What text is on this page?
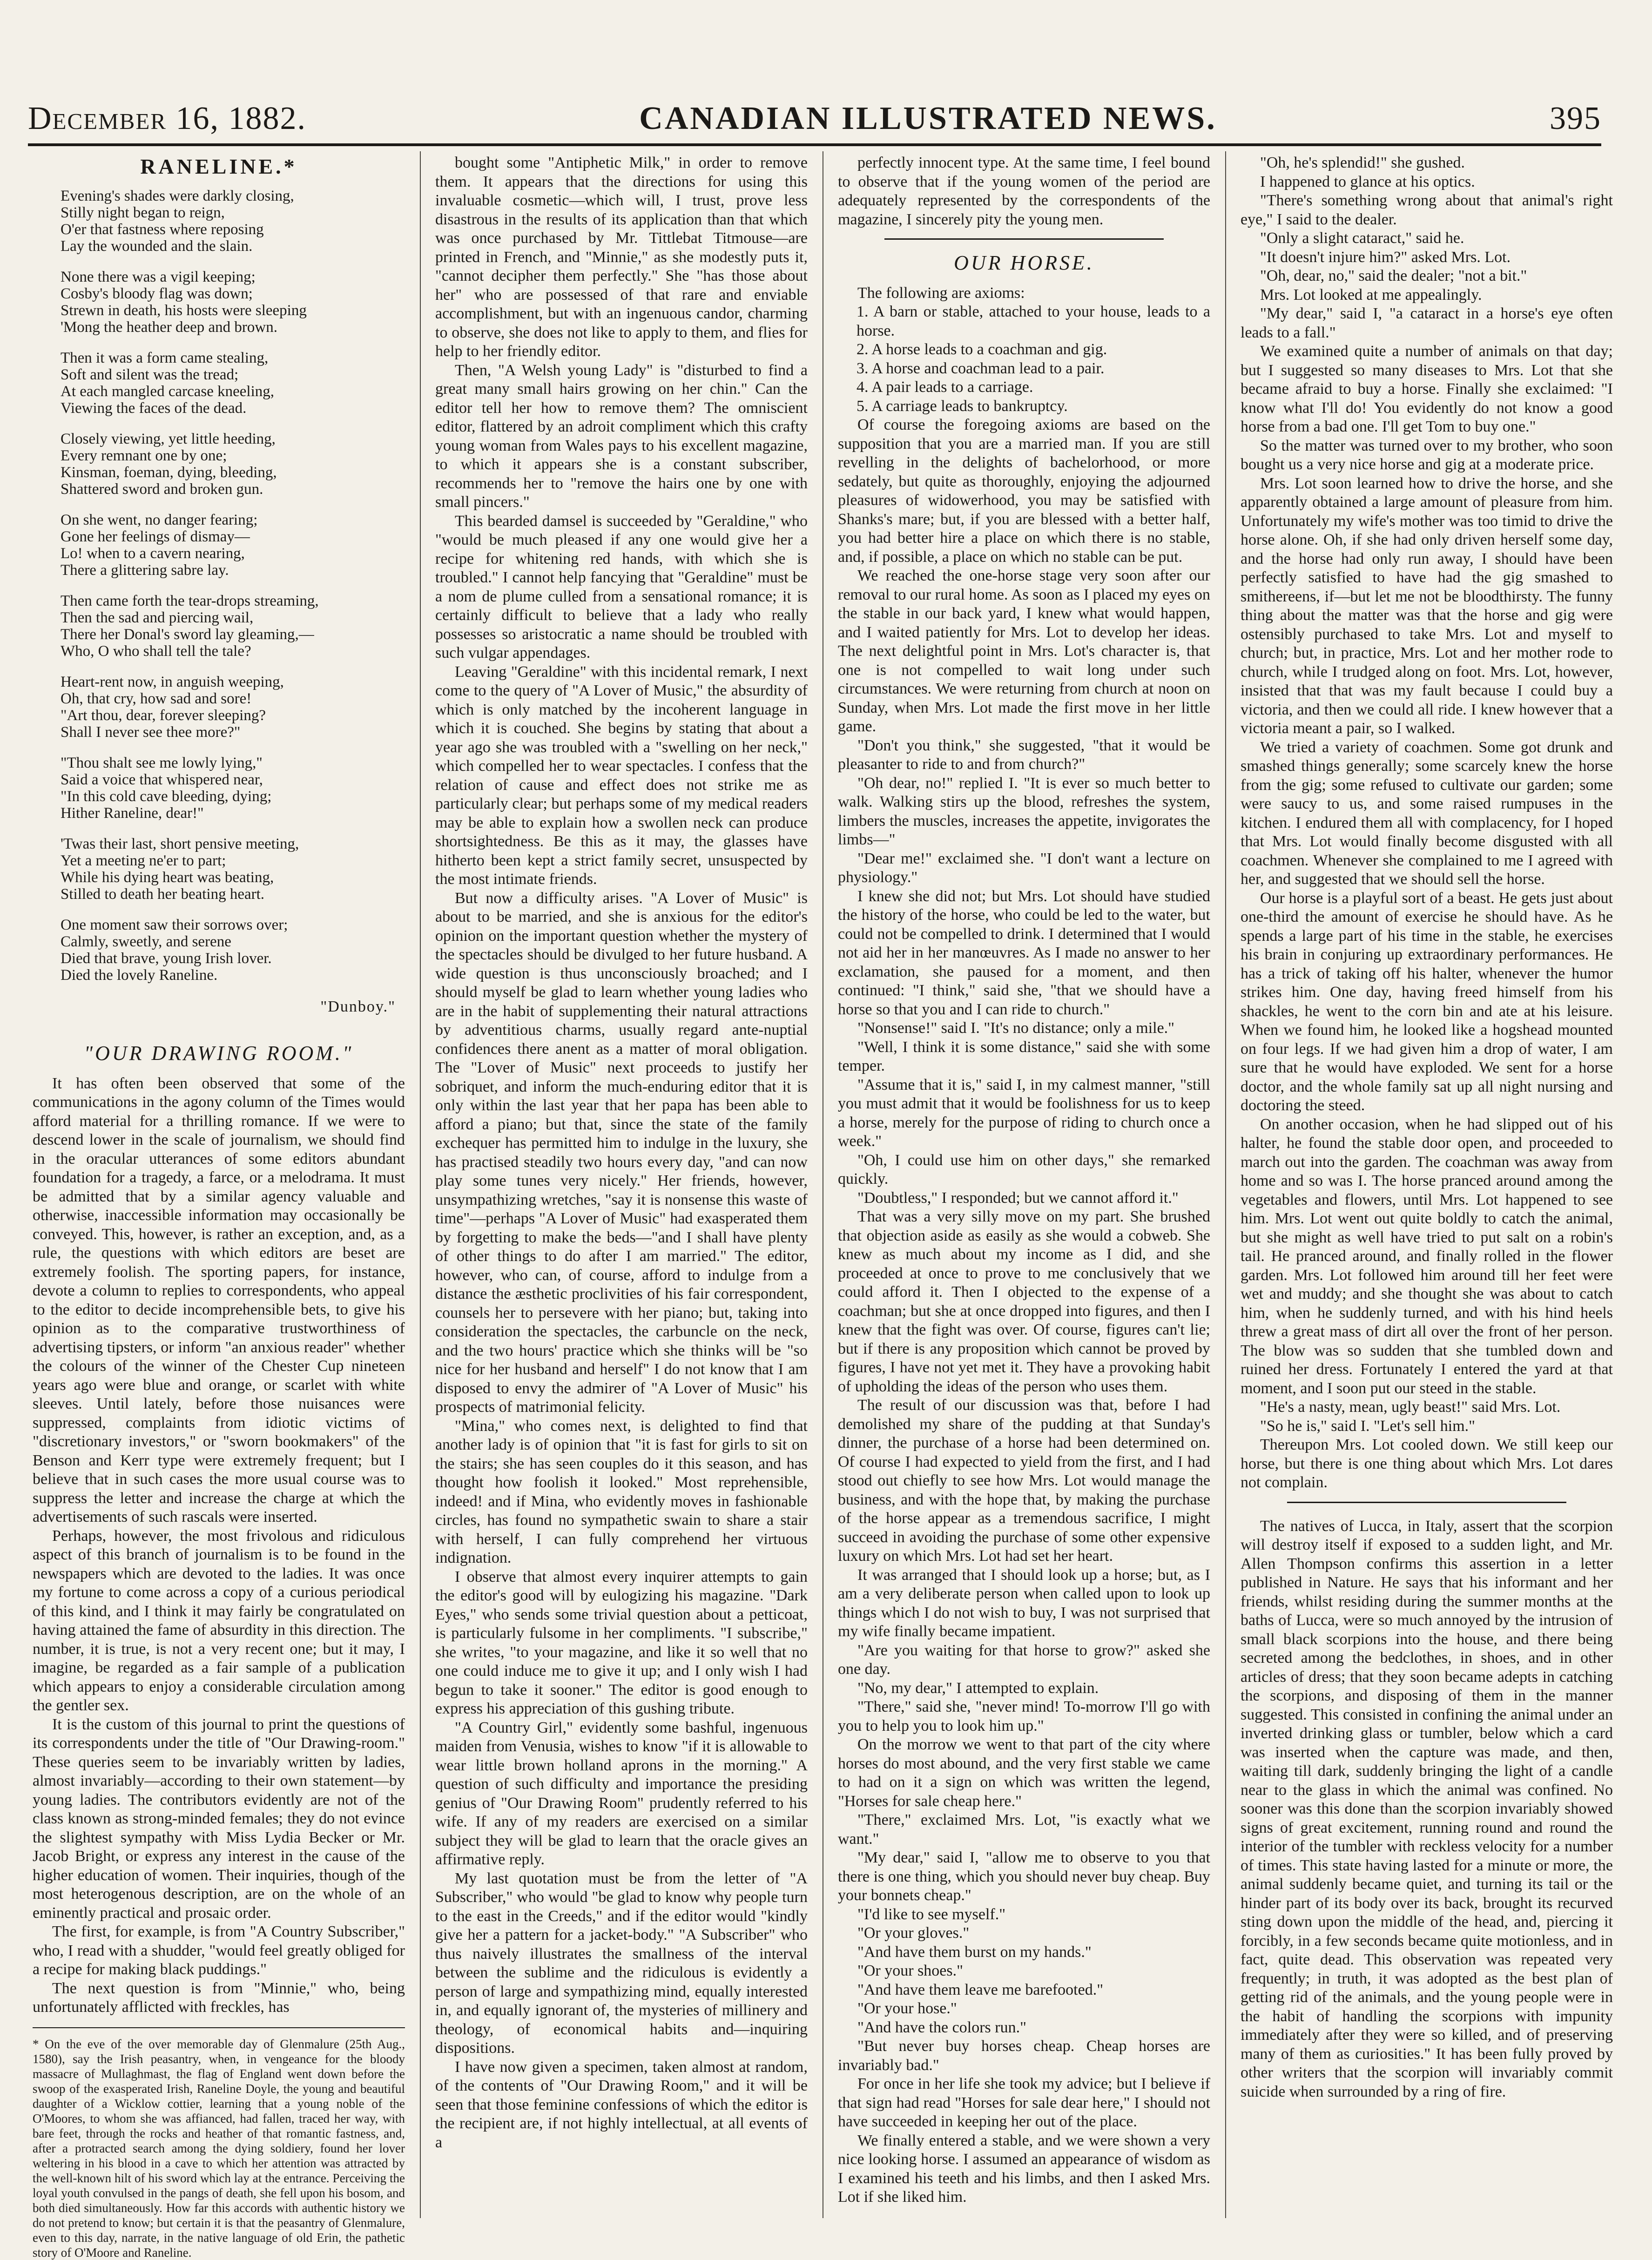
December 16, 1882.	CANADIAN ILLUSTRATED NEWS.	395
RANELINE.*
Evening's shades were darkly closing,
Stilly night began to reign,
O'er that fastness where reposing
Lay the wounded and the slain.
None there was a vigil keeping;
Cosby's bloody flag was down;
Strewn in death, his hosts were sleeping
'Mong the heather deep and brown.
Then it was a form came stealing,
Soft and silent was the tread;
At each mangled carcase kneeling,
Viewing the faces of the dead.
Closely viewing, yet little heeding,
Every remnant one by one;
Kinsman, foeman, dying, bleeding,
Shattered sword and broken gun.
On she went, no danger fearing;
Gone her feelings of dismay—
Lo! when to a cavern nearing,
There a glittering sabre lay.
Then came forth the tear-drops streaming,
Then the sad and piercing wail,
There her Donal's sword lay gleaming,—
Who, O who shall tell the tale?
Heart-rent now, in anguish weeping,
Oh, that cry, how sad and sore!
"Art thou, dear, forever sleeping?
Shall I never see thee more?"
"Thou shalt see me lowly lying,"
Said a voice that whispered near,
"In this cold cave bleeding, dying;
Hither Raneline, dear!"
'Twas their last, short pensive meeting,
Yet a meeting ne'er to part;
While his dying heart was beating,
Stilled to death her beating heart.
One moment saw their sorrows over;
Calmly, sweetly, and serene
Died that brave, young Irish lover.
Died the lovely Raneline.
"Dunboy."
"OUR DRAWING ROOM."

It has often been observed that some of the communications in the agony column of the Times would afford material for a thrilling romance. If we were to descend lower in the scale of journalism, we should find in the oracular utterances of some editors abundant foundation for a tragedy, a farce, or a melodrama. It must be admitted that by a similar agency valuable and otherwise, inaccessible information may occasionally be conveyed. This, however, is rather an exception, and, as a rule, the questions with which editors are beset are extremely foolish. The sporting papers, for instance, devote a column to replies to correspondents, who appeal to the editor to decide incomprehensible bets, to give his opinion as to the comparative trustworthiness of advertising tipsters, or inform "an anxious reader" whether the colours of the winner of the Chester Cup nineteen years ago were blue and orange, or scarlet with white sleeves. Until lately, before those nuisances were suppressed, complaints from idiotic victims of "discretionary investors," or "sworn bookmakers" of the Benson and Kerr type were extremely frequent; but I believe that in such cases the more usual course was to suppress the letter and increase the charge at which the advertisements of such rascals were inserted.

Perhaps, however, the most frivolous and ridiculous aspect of this branch of journalism is to be found in the newspapers which are devoted to the ladies. It was once my fortune to come across a copy of a curious periodical of this kind, and I think it may fairly be congratulated on having attained the fame of absurdity in this direction. The number, it is true, is not a very recent one; but it may, I imagine, be regarded as a fair sample of a publication which appears to enjoy a considerable circulation among the gentler sex.

It is the custom of this journal to print the questions of its correspondents under the title of "Our Drawing-room." These queries seem to be invariably written by ladies, almost invariably—according to their own statement—by young ladies. The contributors evidently are not of the class known as strong-minded females; they do not evince the slightest sympathy with Miss Lydia Becker or Mr. Jacob Bright, or express any interest in the cause of the higher education of women. Their inquiries, though of the most heterogenous description, are on the whole of an eminently practical and prosaic order.

The first, for example, is from "A Country Subscriber," who, I read with a shudder, "would feel greatly obliged for a recipe for making black puddings."

The next question is from "Minnie," who, being unfortunately afflicted with freckles, has

* On the eve of the over memorable day of Glenmalure (25th Aug., 1580), say the Irish peasantry, when, in vengeance for the bloody massacre of Mullaghmast, the flag of England went down before the swoop of the exasperated Irish, Raneline Doyle, the young and beautiful daughter of a Wicklow cottier, learning that a young noble of the O'Moores, to whom she was affianced, had fallen, traced her way, with bare feet, through the rocks and heather of that romantic fastness, and, after a protracted search among the dying soldiery, found her lover weltering in his blood in a cave to which her attention was attracted by the well-known hilt of his sword which lay at the entrance. Perceiving the loyal youth convulsed in the pangs of death, she fell upon his bosom, and both died simultaneously. How far this accords with authentic history we do not pretend to know; but certain it is that the peasantry of Glenmalure, even to this day, narrate, in the native language of old Erin, the pathetic story of O'Moore and Raneline.

bought some "Antiphetic Milk," in order to remove them. It appears that the directions for using this invaluable cosmetic—which will, I trust, prove less disastrous in the results of its application than that which was once purchased by Mr. Tittlebat Titmouse—are printed in French, and "Minnie," as she modestly puts it, "cannot decipher them perfectly." She "has those about her" who are possessed of that rare and enviable accomplishment, but with an ingenuous candor, charming to observe, she does not like to apply to them, and flies for help to her friendly editor.

Then, "A Welsh young Lady" is "disturbed to find a great many small hairs growing on her chin." Can the editor tell her how to remove them? The omniscient editor, flattered by an adroit compliment which this crafty young woman from Wales pays to his excellent magazine, to which it appears she is a constant subscriber, recommends her to "remove the hairs one by one with small pincers."

This bearded damsel is succeeded by "Geraldine," who "would be much pleased if any one would give her a recipe for whitening red hands, with which she is troubled." I cannot help fancying that "Geraldine" must be a nom de plume culled from a sensational romance; it is certainly difficult to believe that a lady who really possesses so aristocratic a name should be troubled with such vulgar appendages.

Leaving "Geraldine" with this incidental remark, I next come to the query of "A Lover of Music," the absurdity of which is only matched by the incoherent language in which it is couched. She begins by stating that about a year ago she was troubled with a "swelling on her neck," which compelled her to wear spectacles. I confess that the relation of cause and effect does not strike me as particularly clear; but perhaps some of my medical readers may be able to explain how a swollen neck can produce shortsightedness. Be this as it may, the glasses have hitherto been kept a strict family secret, unsuspected by the most intimate friends.

But now a difficulty arises. "A Lover of Music" is about to be married, and she is anxious for the editor's opinion on the important question whether the mystery of the spectacles should be divulged to her future husband. A wide question is thus unconsciously broached; and I should myself be glad to learn whether young ladies who are in the habit of supplementing their natural attractions by adventitious charms, usually regard ante-nuptial confidences there anent as a matter of moral obligation. The "Lover of Music" next proceeds to justify her sobriquet, and inform the much-enduring editor that it is only within the last year that her papa has been able to afford a piano; but that, since the state of the family exchequer has permitted him to indulge in the luxury, she has practised steadily two hours every day, "and can now play some tunes very nicely." Her friends, however, unsympathizing wretches, "say it is nonsense this waste of time"—perhaps "A Lover of Music" had exasperated them by forgetting to make the beds—"and I shall have plenty of other things to do after I am married." The editor, however, who can, of course, afford to indulge from a distance the æsthetic proclivities of his fair correspondent, counsels her to persevere with her piano; but, taking into consideration the spectacles, the carbuncle on the neck, and the two hours' practice which she thinks will be "so nice for her husband and herself" I do not know that I am disposed to envy the admirer of "A Lover of Music" his prospects of matrimonial felicity.

"Mina," who comes next, is delighted to find that another lady is of opinion that "it is fast for girls to sit on the stairs; she has seen couples do it this season, and has thought how foolish it looked." Most reprehensible, indeed! and if Mina, who evidently moves in fashionable circles, has found no sympathetic swain to share a stair with herself, I can fully comprehend her virtuous indignation.

I observe that almost every inquirer attempts to gain the editor's good will by eulogizing his magazine. "Dark Eyes," who sends some trivial question about a petticoat, is particularly fulsome in her compliments. "I subscribe," she writes, "to your magazine, and like it so well that no one could induce me to give it up; and I only wish I had begun to take it sooner." The editor is good enough to express his appreciation of this gushing tribute.

"A Country Girl," evidently some bashful, ingenuous maiden from Venusia, wishes to know "if it is allowable to wear little brown holland aprons in the morning." A question of such difficulty and importance the presiding genius of "Our Drawing Room" prudently referred to his wife. If any of my readers are exercised on a similar subject they will be glad to learn that the oracle gives an affirmative reply.

My last quotation must be from the letter of "A Subscriber," who would "be glad to know why people turn to the east in the Creeds," and if the editor would "kindly give her a pattern for a jacket-body." "A Subscriber" who thus naively illustrates the smallness of the interval between the sublime and the ridiculous is evidently a person of large and sympathizing mind, equally interested in, and equally ignorant of, the mysteries of millinery and theology, of economical habits and—inquiring dispositions.

I have now given a specimen, taken almost at random, of the contents of "Our Drawing Room," and it will be seen that those feminine confessions of which the editor is the recipient are, if not highly intellectual, at all events of a

perfectly innocent type. At the same time, I feel bound to observe that if the young women of the period are adequately represented by the correspondents of the magazine, I sincerely pity the young men.

OUR HORSE.

The following are axioms:

1. A barn or stable, attached to your house, leads to a horse.

2. A horse leads to a coachman and gig.

3. A horse and coachman lead to a pair.

4. A pair leads to a carriage.

5. A carriage leads to bankruptcy.

Of course the foregoing axioms are based on the supposition that you are a married man. If you are still revelling in the delights of bachelorhood, or more sedately, but quite as thoroughly, enjoying the adjourned pleasures of widowerhood, you may be satisfied with Shanks's mare; but, if you are blessed with a better half, you had better hire a place on which there is no stable, and, if possible, a place on which no stable can be put.

We reached the one-horse stage very soon after our removal to our rural home. As soon as I placed my eyes on the stable in our back yard, I knew what would happen, and I waited patiently for Mrs. Lot to develop her ideas. The next delightful point in Mrs. Lot's character is, that one is not compelled to wait long under such circumstances. We were returning from church at noon on Sunday, when Mrs. Lot made the first move in her little game.

"Don't you think," she suggested, "that it would be pleasanter to ride to and from church?"

"Oh dear, no!" replied I. "It is ever so much better to walk. Walking stirs up the blood, refreshes the system, limbers the muscles, increases the appetite, invigorates the limbs—"

"Dear me!" exclaimed she. "I don't want a lecture on physiology."

I knew she did not; but Mrs. Lot should have studied the history of the horse, who could be led to the water, but could not be compelled to drink. I determined that I would not aid her in her manœuvres. As I made no answer to her exclamation, she paused for a moment, and then continued: "I think," said she, "that we should have a horse so that you and I can ride to church."

"Nonsense!" said I. "It's no distance; only a mile."

"Well, I think it is some distance," said she with some temper.

"Assume that it is," said I, in my calmest manner, "still you must admit that it would be foolishness for us to keep a horse, merely for the purpose of riding to church once a week."

"Oh, I could use him on other days," she remarked quickly.

"Doubtless," I responded; but we cannot afford it."

That was a very silly move on my part. She brushed that objection aside as easily as she would a cobweb. She knew as much about my income as I did, and she proceeded at once to prove to me conclusively that we could afford it. Then I objected to the expense of a coachman; but she at once dropped into figures, and then I knew that the fight was over. Of course, figures can't lie; but if there is any proposition which cannot be proved by figures, I have not yet met it. They have a provoking habit of upholding the ideas of the person who uses them.

The result of our discussion was that, before I had demolished my share of the pudding at that Sunday's dinner, the purchase of a horse had been determined on. Of course I had expected to yield from the first, and I had stood out chiefly to see how Mrs. Lot would manage the business, and with the hope that, by making the purchase of the horse appear as a tremendous sacrifice, I might succeed in avoiding the purchase of some other expensive luxury on which Mrs. Lot had set her heart.

It was arranged that I should look up a horse; but, as I am a very deliberate person when called upon to look up things which I do not wish to buy, I was not surprised that my wife finally became impatient.

"Are you waiting for that horse to grow?" asked she one day.

"No, my dear," I attempted to explain.

"There," said she, "never mind! To-morrow I'll go with you to help you to look him up."

On the morrow we went to that part of the city where horses do most abound, and the very first stable we came to had on it a sign on which was written the legend, "Horses for sale cheap here."

"There," exclaimed Mrs. Lot, "is exactly what we want."

"My dear," said I, "allow me to observe to you that there is one thing, which you should never buy cheap. Buy your bonnets cheap."

"I'd like to see myself."

"Or your gloves."

"And have them burst on my hands."

"Or your shoes."

"And have them leave me barefooted."

"Or your hose."

"And have the colors run."

"But never buy horses cheap. Cheap horses are invariably bad."

For once in her life she took my advice; but I believe if that sign had read "Horses for sale dear here," I should not have succeeded in keeping her out of the place.

We finally entered a stable, and we were shown a very nice looking horse. I assumed an appearance of wisdom as I examined his teeth and his limbs, and then I asked Mrs. Lot if she liked him.

"Oh, he's splendid!" she gushed.

I happened to glance at his optics.

"There's something wrong about that animal's right eye," I said to the dealer.

"Only a slight cataract," said he.

"It doesn't injure him?" asked Mrs. Lot.

"Oh, dear, no," said the dealer; "not a bit."

Mrs. Lot looked at me appealingly.

"My dear," said I, "a cataract in a horse's eye often leads to a fall."

We examined quite a number of animals on that day; but I suggested so many diseases to Mrs. Lot that she became afraid to buy a horse. Finally she exclaimed: "I know what I'll do! You evidently do not know a good horse from a bad one. I'll get Tom to buy one."

So the matter was turned over to my brother, who soon bought us a very nice horse and gig at a moderate price.

Mrs. Lot soon learned how to drive the horse, and she apparently obtained a large amount of pleasure from him. Unfortunately my wife's mother was too timid to drive the horse alone. Oh, if she had only driven herself some day, and the horse had only run away, I should have been perfectly satisfied to have had the gig smashed to smithereens, if—but let me not be bloodthirsty. The funny thing about the matter was that the horse and gig were ostensibly purchased to take Mrs. Lot and myself to church; but, in practice, Mrs. Lot and her mother rode to church, while I trudged along on foot. Mrs. Lot, however, insisted that that was my fault because I could buy a victoria, and then we could all ride. I knew however that a victoria meant a pair, so I walked.

We tried a variety of coachmen. Some got drunk and smashed things generally; some scarcely knew the horse from the gig; some refused to cultivate our garden; some were saucy to us, and some raised rumpuses in the kitchen. I endured them all with complacency, for I hoped that Mrs. Lot would finally become disgusted with all coachmen. Whenever she complained to me I agreed with her, and suggested that we should sell the horse.

Our horse is a playful sort of a beast. He gets just about one-third the amount of exercise he should have. As he spends a large part of his time in the stable, he exercises his brain in conjuring up extraordinary performances. He has a trick of taking off his halter, whenever the humor strikes him. One day, having freed himself from his shackles, he went to the corn bin and ate at his leisure. When we found him, he looked like a hogshead mounted on four legs. If we had given him a drop of water, I am sure that he would have exploded. We sent for a horse doctor, and the whole family sat up all night nursing and doctoring the steed.

On another occasion, when he had slipped out of his halter, he found the stable door open, and proceeded to march out into the garden. The coachman was away from home and so was I. The horse pranced around among the vegetables and flowers, until Mrs. Lot happened to see him. Mrs. Lot went out quite boldly to catch the animal, but she might as well have tried to put salt on a robin's tail. He pranced around, and finally rolled in the flower garden. Mrs. Lot followed him around till her feet were wet and muddy; and she thought she was about to catch him, when he suddenly turned, and with his hind heels threw a great mass of dirt all over the front of her person. The blow was so sudden that she tumbled down and ruined her dress. Fortunately I entered the yard at that moment, and I soon put our steed in the stable.

"He's a nasty, mean, ugly beast!" said Mrs. Lot.

"So he is," said I. "Let's sell him."

Thereupon Mrs. Lot cooled down. We still keep our horse, but there is one thing about which Mrs. Lot dares not complain.

The natives of Lucca, in Italy, assert that the scorpion will destroy itself if exposed to a sudden light, and Mr. Allen Thompson confirms this assertion in a letter published in Nature. He says that his informant and her friends, whilst residing during the summer months at the baths of Lucca, were so much annoyed by the intrusion of small black scorpions into the house, and there being secreted among the bedclothes, in shoes, and in other articles of dress; that they soon became adepts in catching the scorpions, and disposing of them in the manner suggested. This consisted in confining the animal under an inverted drinking glass or tumbler, below which a card was inserted when the capture was made, and then, waiting till dark, suddenly bringing the light of a candle near to the glass in which the animal was confined. No sooner was this done than the scorpion invariably showed signs of great excitement, running round and round the interior of the tumbler with reckless velocity for a number of times. This state having lasted for a minute or more, the animal suddenly became quiet, and turning its tail or the hinder part of its body over its back, brought its recurved sting down upon the middle of the head, and, piercing it forcibly, in a few seconds became quite motionless, and in fact, quite dead. This observation was repeated very frequently; in truth, it was adopted as the best plan of getting rid of the animals, and the young people were in the habit of handling the scorpions with impunity immediately after they were so killed, and of preserving many of them as curiosities." It has been fully proved by other writers that the scorpion will invariably commit suicide when surrounded by a ring of fire.
